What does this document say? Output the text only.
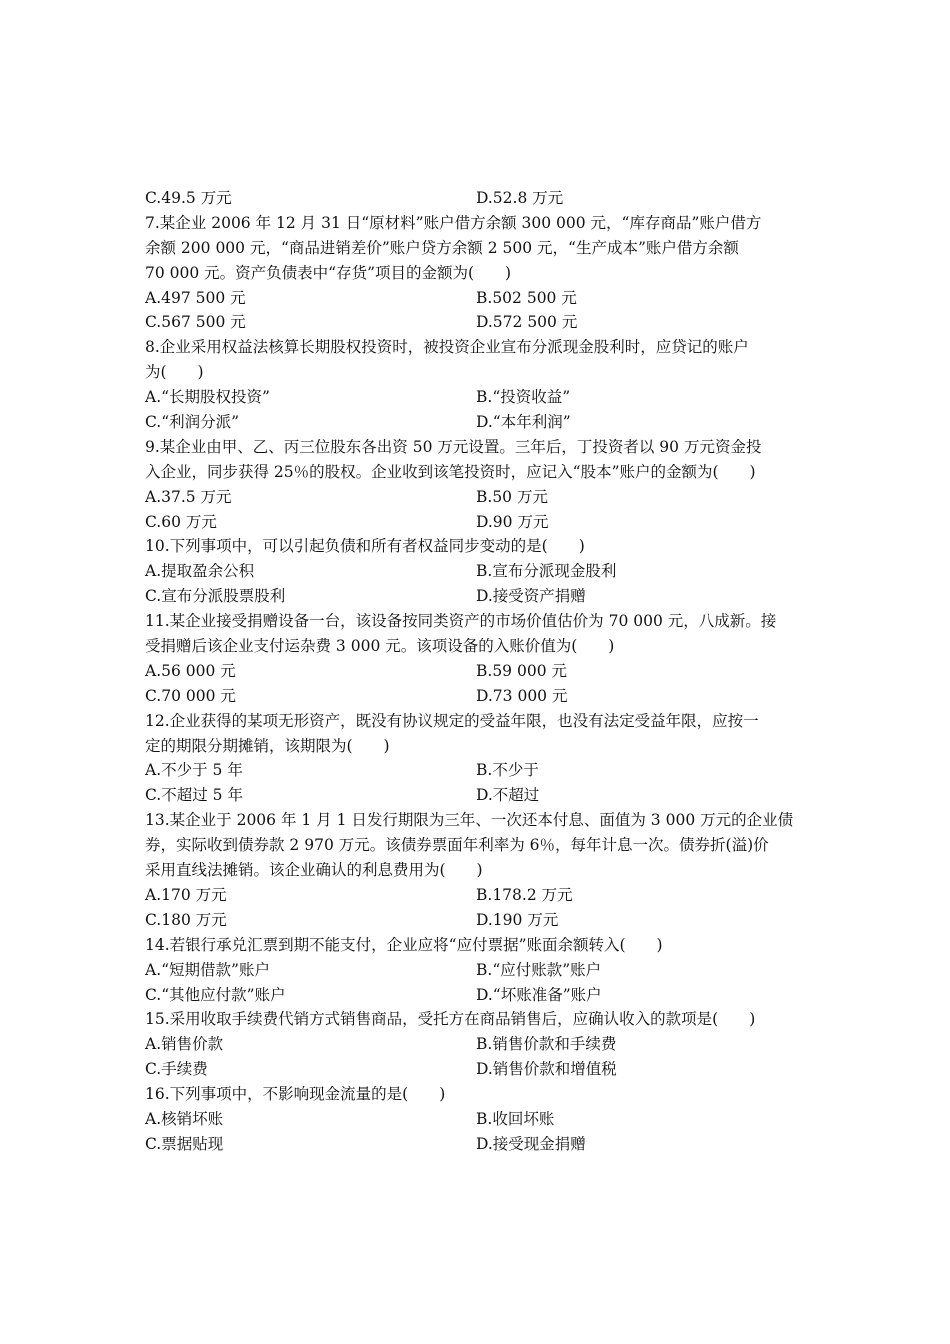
C.49.5 万元	D.52.8 万元
7.某企业 2006 年 12 月 31 日“原材料”账户借方余额 300 000 元，“库存商品”账户借方
余额 200 000 元，“商品进销差价”账户贷方余额 2 500 元，“生产成本”账户借方余额
70 000 元。资产负债表中“存货”项目的金额为(　　)
A.497 500 元	B.502 500 元
C.567 500 元	D.572 500 元
8.企业采用权益法核算长期股权投资时，被投资企业宣布分派现金股利时，应贷记的账户
为(　　)
A.“长期股权投资”	B.“投资收益”
C.“利润分派”	D.“本年利润”
9.某企业由甲、乙、丙三位股东各出资 50 万元设置。三年后，丁投资者以 90 万元资金投
入企业，同步获得 25％的股权。企业收到该笔投资时，应记入“股本”账户的金额为(　　)
A.37.5 万元	B.50 万元
C.60 万元	D.90 万元
10.下列事项中，可以引起负债和所有者权益同步变动的是(　　)
A.提取盈余公积	B.宣布分派现金股利
C.宣布分派股票股利	D.接受资产捐赠
11.某企业接受捐赠设备一台，该设备按同类资产的市场价值估价为 70 000 元，八成新。接
受捐赠后该企业支付运杂费 3 000 元。该项设备的入账价值为(　　)
A.56 000 元	B.59 000 元
C.70 000 元	D.73 000 元
12.企业获得的某项无形资产，既没有协议规定的受益年限，也没有法定受益年限，应按一
定的期限分期摊销，该期限为(　　)
A.不少于 5 年	B.不少于
C.不超过 5 年	D.不超过
13.某企业于 2006 年 1 月 1 日发行期限为三年、一次还本付息、面值为 3 000 万元的企业债
券，实际收到债券款 2 970 万元。该债券票面年利率为 6％，每年计息一次。债券折(溢)价
采用直线法摊销。该企业确认的利息费用为(　　)
A.170 万元	B.178.2 万元
C.180 万元	D.190 万元
14.若银行承兑汇票到期不能支付，企业应将“应付票据”账面余额转入(　　)
A.“短期借款”账户	B.“应付账款”账户
C.“其他应付款”账户	D.“坏账准备”账户
15.采用收取手续费代销方式销售商品，受托方在商品销售后，应确认收入的款项是(　　)
A.销售价款	B.销售价款和手续费
C.手续费	D.销售价款和增值税
16.下列事项中，不影响现金流量的是(　　)
A.核销坏账	B.收回坏账
C.票据贴现	D.接受现金捐赠
